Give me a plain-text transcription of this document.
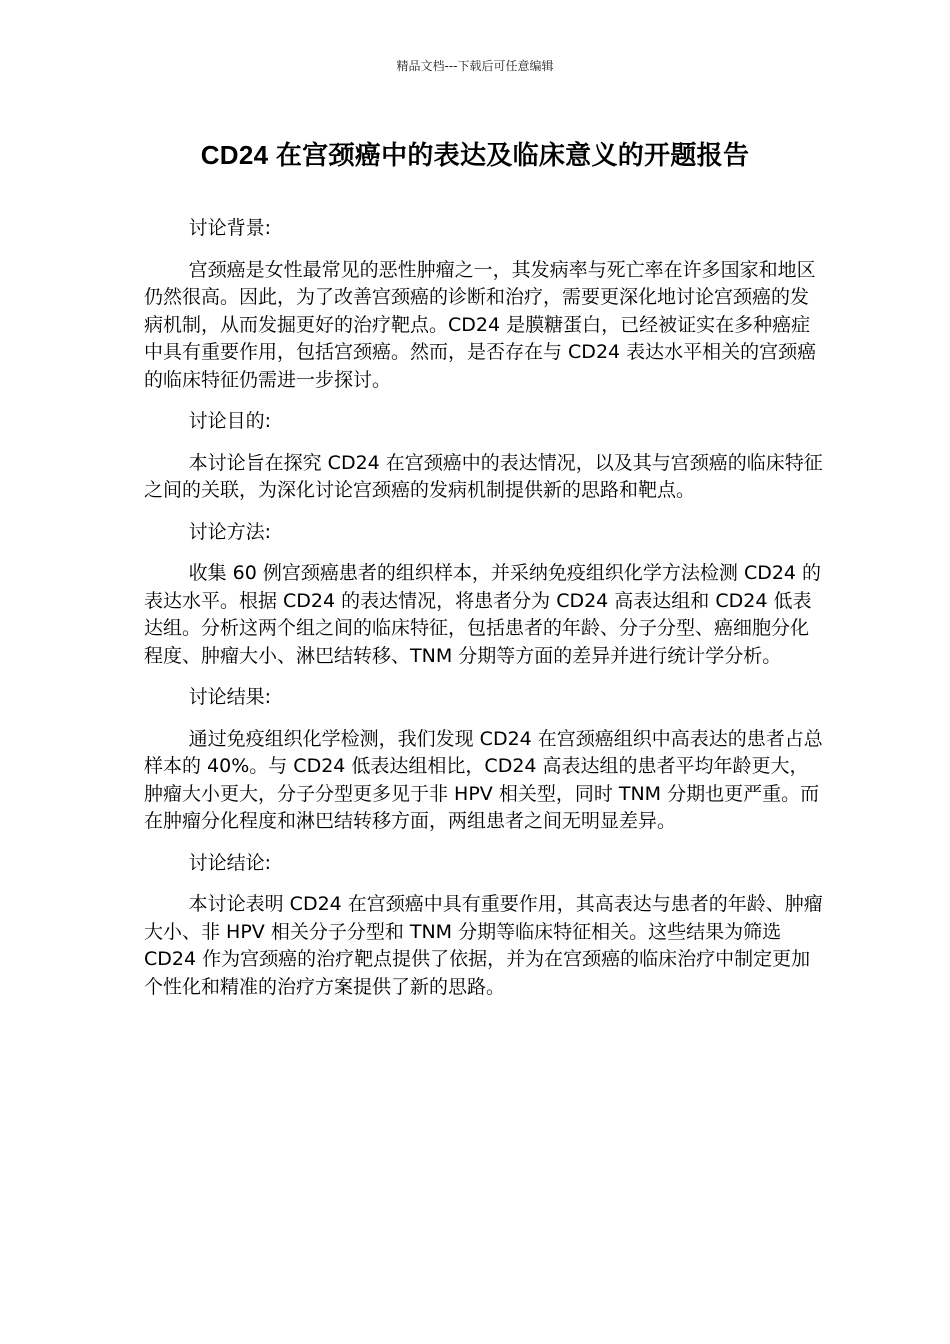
精品文档---下载后可任意编辑
CD24 在宫颈癌中的表达及临床意义的开题报告

讨论背景:

宫颈癌是女性最常见的恶性肿瘤之一，其发病率与死亡率在许多国家和地区仍然很高。因此，为了改善宫颈癌的诊断和治疗，需要更深化地讨论宫颈癌的发病机制，从而发掘更好的治疗靶点。CD24 是膜糖蛋白，已经被证实在多种癌症中具有重要作用，包括宫颈癌。然而，是否存在与 CD24 表达水平相关的宫颈癌的临床特征仍需进一步探讨。

讨论目的:

本讨论旨在探究 CD24 在宫颈癌中的表达情况，以及其与宫颈癌的临床特征之间的关联，为深化讨论宫颈癌的发病机制提供新的思路和靶点。

讨论方法:

收集 60 例宫颈癌患者的组织样本，并采纳免疫组织化学方法检测 CD24 的表达水平。根据 CD24 的表达情况，将患者分为 CD24 高表达组和 CD24 低表达组。分析这两个组之间的临床特征，包括患者的年龄、分子分型、癌细胞分化程度、肿瘤大小、淋巴结转移、TNM 分期等方面的差异并进行统计学分析。

讨论结果:

通过免疫组织化学检测，我们发现 CD24 在宫颈癌组织中高表达的患者占总样本的 40%。与 CD24 低表达组相比，CD24 高表达组的患者平均年龄更大，肿瘤大小更大，分子分型更多见于非 HPV 相关型，同时 TNM 分期也更严重。而在肿瘤分化程度和淋巴结转移方面，两组患者之间无明显差异。

讨论结论:

本讨论表明 CD24 在宫颈癌中具有重要作用，其高表达与患者的年龄、肿瘤大小、非 HPV 相关分子分型和 TNM 分期等临床特征相关。这些结果为筛选 CD24 作为宫颈癌的治疗靶点提供了依据，并为在宫颈癌的临床治疗中制定更加个性化和精准的治疗方案提供了新的思路。
